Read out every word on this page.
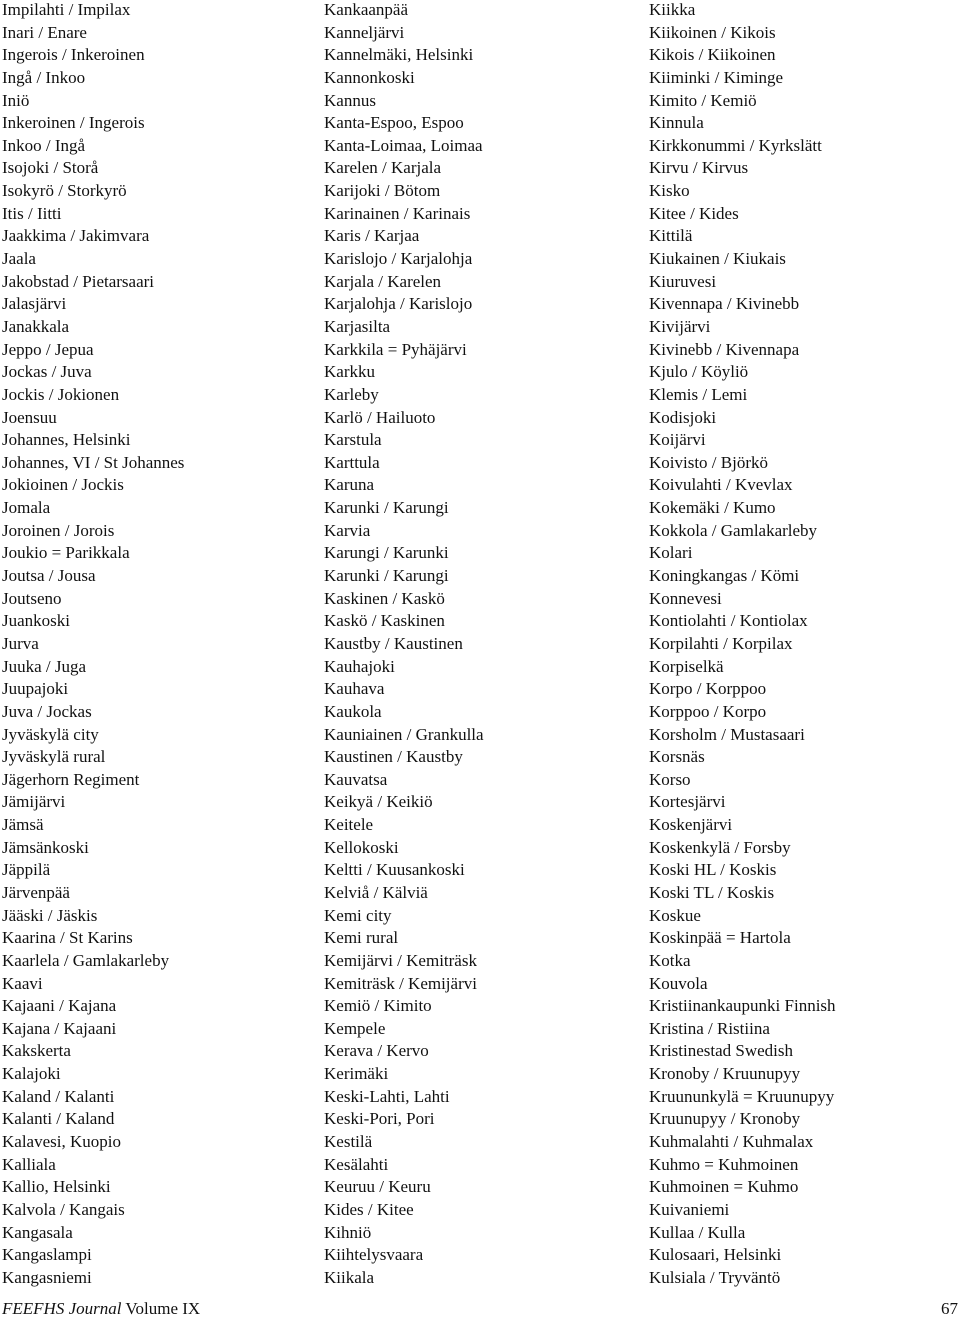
Impilahti / Impilax
Inari / Enare
Ingerois / Inkeroinen
Ingå / Inkoo
Iniö
Inkeroinen / Ingerois
Inkoo / Ingå
Isojoki / Storå
Isokyrö / Storkyrö
Itis / Iitti
Jaakkima / Jakimvara
Jaala
Jakobstad / Pietarsaari
Jalasjärvi
Janakkala
Jeppo / Jepua
Jockas / Juva
Jockis / Jokionen
Joensuu
Johannes, Helsinki
Johannes, VI / St Johannes
Jokioinen / Jockis
Jomala
Joroinen / Jorois
Joukio = Parikkala
Joutsa / Jousa
Joutseno
Juankoski
Jurva
Juuka / Juga
Juupajoki
Juva / Jockas
Jyväskylä city
Jyväskylä rural
Jägerhorn Regiment
Jämijärvi
Jämsä
Jämsänkoski
Jäppilä
Järvenpää
Jääski / Jäskis
Kaarina / St Karins
Kaarlela / Gamlakarleby
Kaavi
Kajaani / Kajana
Kajana / Kajaani
Kakskerta
Kalajoki
Kaland / Kalanti
Kalanti / Kaland
Kalavesi, Kuopio
Kalliala
Kallio, Helsinki
Kalvola / Kangais
Kangasala
Kangaslampi
Kangasniemi
Kankaanpää
Kanneljärvi
Kannelmäki, Helsinki
Kannonkoski
Kannus
Kanta-Espoo, Espoo
Kanta-Loimaa, Loimaa
Karelen / Karjala
Karijoki / Bötom
Karinainen / Karinais
Karis / Karjaa
Karislojo / Karjalohja
Karjala / Karelen
Karjalohja / Karislojo
Karjasilta
Karkkila = Pyhäjärvi
Karkku
Karleby
Karlö / Hailuoto
Karstula
Karttula
Karuna
Karunki / Karungi
Karvia
Karungi / Karunki
Karunki / Karungi
Kaskinen / Kaskö
Kaskö / Kaskinen
Kaustby / Kaustinen
Kauhajoki
Kauhava
Kaukola
Kauniainen / Grankulla
Kaustinen / Kaustby
Kauvatsa
Keikyä / Keikiö
Keitele
Kellokoski
Keltti / Kuusankoski
Kelviå / Kälviä
Kemi city
Kemi rural
Kemijärvi / Kemiträsk
Kemiträsk / Kemijärvi
Kemiö / Kimito
Kempele
Kerava / Kervo
Kerimäki
Keski-Lahti, Lahti
Keski-Pori, Pori
Kestilä
Kesälahti
Keuruu / Keuru
Kides / Kitee
Kihniö
Kiihtelysvaara
Kiikala
Kiikka
Kiikoinen / Kikois
Kikois / Kiikoinen
Kiiminki / Kiminge
Kimito / Kemiö
Kinnula
Kirkkonummi / Kyrkslätt
Kirvu / Kirvus
Kisko
Kitee / Kides
Kittilä
Kiukainen / Kiukais
Kiuruvesi
Kivennapa / Kivinebb
Kivijärvi
Kivinebb / Kivennapa
Kjulo / Köyliö
Klemis / Lemi
Kodisjoki
Koijärvi
Koivisto / Björkö
Koivulahti / Kvevlax
Kokemäki / Kumo
Kokkola / Gamlakarleby
Kolari
Koningkangas / Kömi
Konnevesi
Kontiolahti / Kontiolax
Korpilahti / Korpilax
Korpiselkä
Korpo / Korppoo
Korppoo / Korpo
Korsholm / Mustasaari
Korsnäs
Korso
Kortesjärvi
Koskenjärvi
Koskenkylä / Forsby
Koski HL / Koskis
Koski TL / Koskis
Koskue
Koskinpää = Hartola
Kotka
Kouvola
Kristiinankaupunki Finnish
Kristina / Ristiina
Kristinestad Swedish
Kronoby / Kruunupyy
Kruununkylä = Kruunupyy
Kruunupyy / Kronoby
Kuhmalahti / Kuhmalax
Kuhmo = Kuhmoinen
Kuhmoinen = Kuhmo
Kuivaniemi
Kullaa / Kulla
Kulosaari, Helsinki
Kulsiala / Tryväntö
FEEFHS Journal Volume IX	67
